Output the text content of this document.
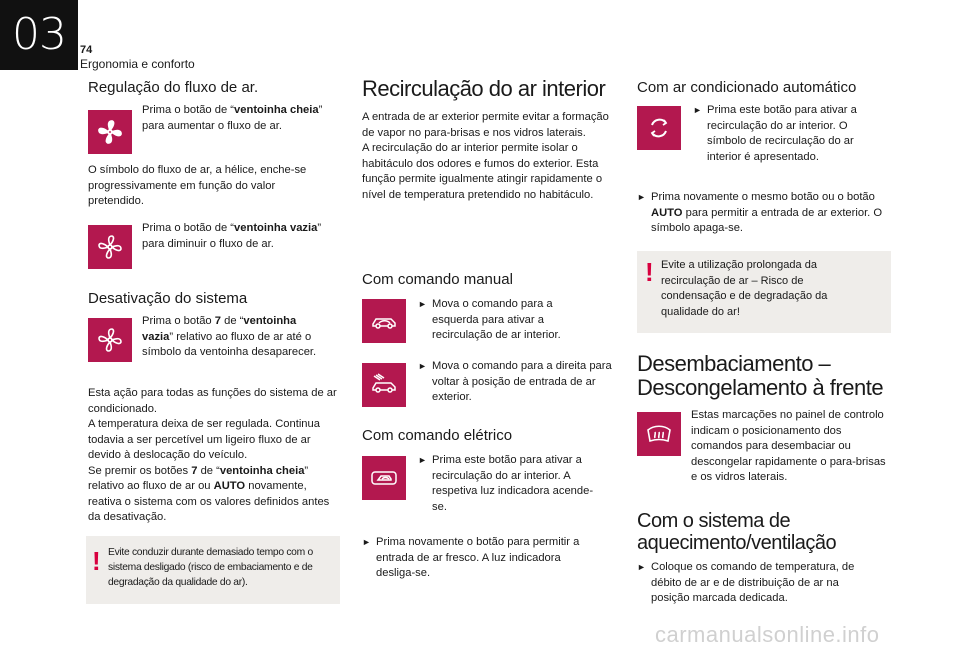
03	74
Ergonomia e conforto
Regulação do fluxo de ar.
Prima o botão de “ventoinha cheia” para aumentar o fluxo de ar.
O símbolo do fluxo de ar, a hélice, enche-se progressivamente em função do valor pretendido.
Prima o botão de “ventoinha vazia” para diminuir o fluxo de ar.
Desativação do sistema
Prima o botão 7 de “ventoinha vazia” relativo ao fluxo de ar até o símbolo da ventoinha desaparecer.
Esta ação para todas as funções do sistema de ar condicionado.
A temperatura deixa de ser regulada. Continua todavia a ser percetível um ligeiro fluxo de ar devido à deslocação do veículo.
Se premir os botões 7 de “ventoinha cheia” relativo ao fluxo de ar ou AUTO novamente, reativa o sistema com os valores definidos antes da desativação.
! Evite conduzir durante demasiado tempo com o sistema desligado (risco de embaciamento e de degradação da qualidade do ar).
Recirculação do ar interior
A entrada de ar exterior permite evitar a formação de vapor no para-brisas e nos vidros laterais.
A recirculação do ar interior permite isolar o habitáculo dos odores e fumos do exterior. Esta função permite igualmente atingir rapidamente o nível de temperatura pretendido no habitáculo.
Com comando manual
► Mova o comando para a esquerda para ativar a recirculação de ar interior.
► Mova o comando para a direita para voltar à posição de entrada de ar exterior.
Com comando elétrico
► Prima este botão para ativar a recirculação do ar interior. A respetiva luz indicadora acende-se.
► Prima novamente o botão para permitir a entrada de ar fresco. A luz indicadora desliga-se.
Com ar condicionado automático
► Prima este botão para ativar a recirculação do ar interior. O símbolo de recirculação do ar interior é apresentado.
► Prima novamente o mesmo botão ou o botão AUTO para permitir a entrada de ar exterior. O símbolo apaga-se.
! Evite a utilização prolongada da recirculação de ar – Risco de condensação e de degradação da qualidade do ar!
Desembaciamento –
Descongelamento à frente
Estas marcações no painel de controlo indicam o posicionamento dos comandos para desembaciar ou descongelar rapidamente o para-brisas e os vidros laterais.
Com o sistema de
aquecimento/ventilação
► Coloque os comando de temperatura, de débito de ar e de distribuição de ar na posição marcada dedicada.
carmanualsonline.info
